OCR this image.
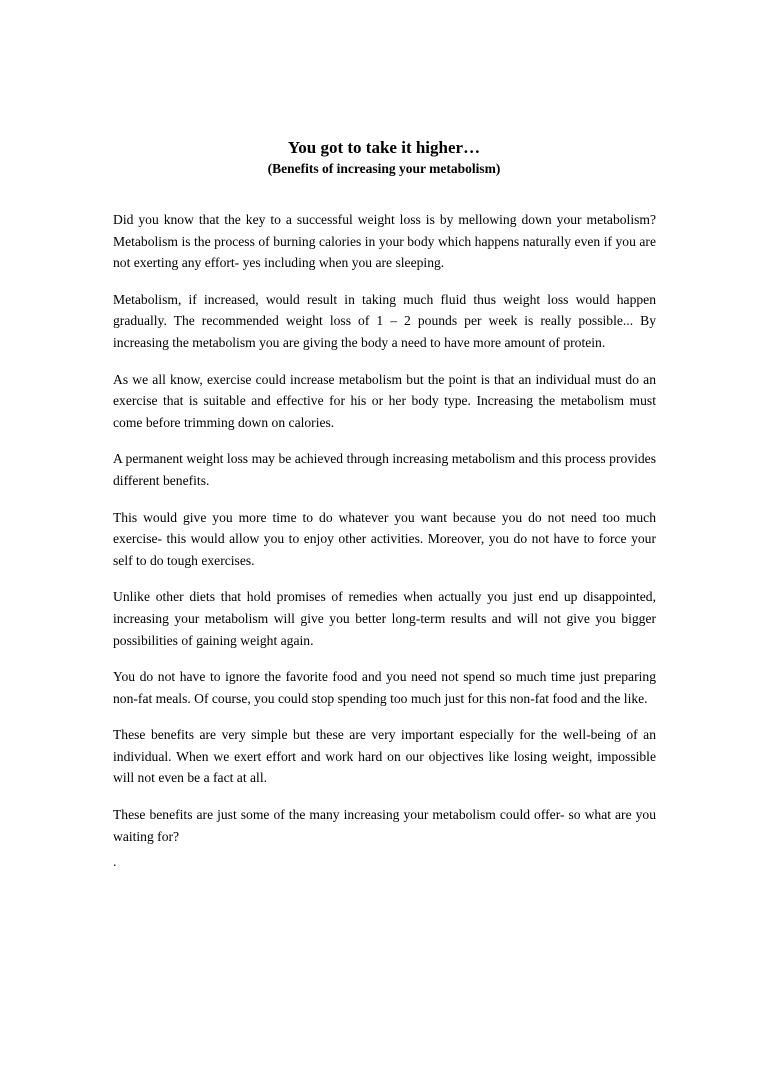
You got to take it higher…
(Benefits of increasing your metabolism)

Did you know that the key to a successful weight loss is by mellowing down your metabolism? Metabolism is the process of burning calories in your body which happens naturally even if you are not exerting any effort- yes including when you are sleeping.

Metabolism, if increased, would result in taking much fluid thus weight loss would happen gradually. The recommended weight loss of 1 – 2 pounds per week is really possible... By increasing the metabolism you are giving the body a need to have more amount of protein.

As we all know, exercise could increase metabolism but the point is that an individual must do an exercise that is suitable and effective for his or her body type. Increasing the metabolism must come before trimming down on calories.

A permanent weight loss may be achieved through increasing metabolism and this process provides different benefits.

This would give you more time to do whatever you want because you do not need too much exercise- this would allow you to enjoy other activities. Moreover, you do not have to force your self to do tough exercises.

Unlike other diets that hold promises of remedies when actually you just end up disappointed, increasing your metabolism will give you better long-term results and will not give you bigger possibilities of gaining weight again.

You do not have to ignore the favorite food and you need not spend so much time just preparing non-fat meals. Of course, you could stop spending too much just for this non-fat food and the like.

These benefits are very simple but these are very important especially for the well-being of an individual. When we exert effort and work hard on our objectives like losing weight, impossible will not even be a fact at all.

These benefits are just some of the many increasing your metabolism could offer- so what are you waiting for?

.
